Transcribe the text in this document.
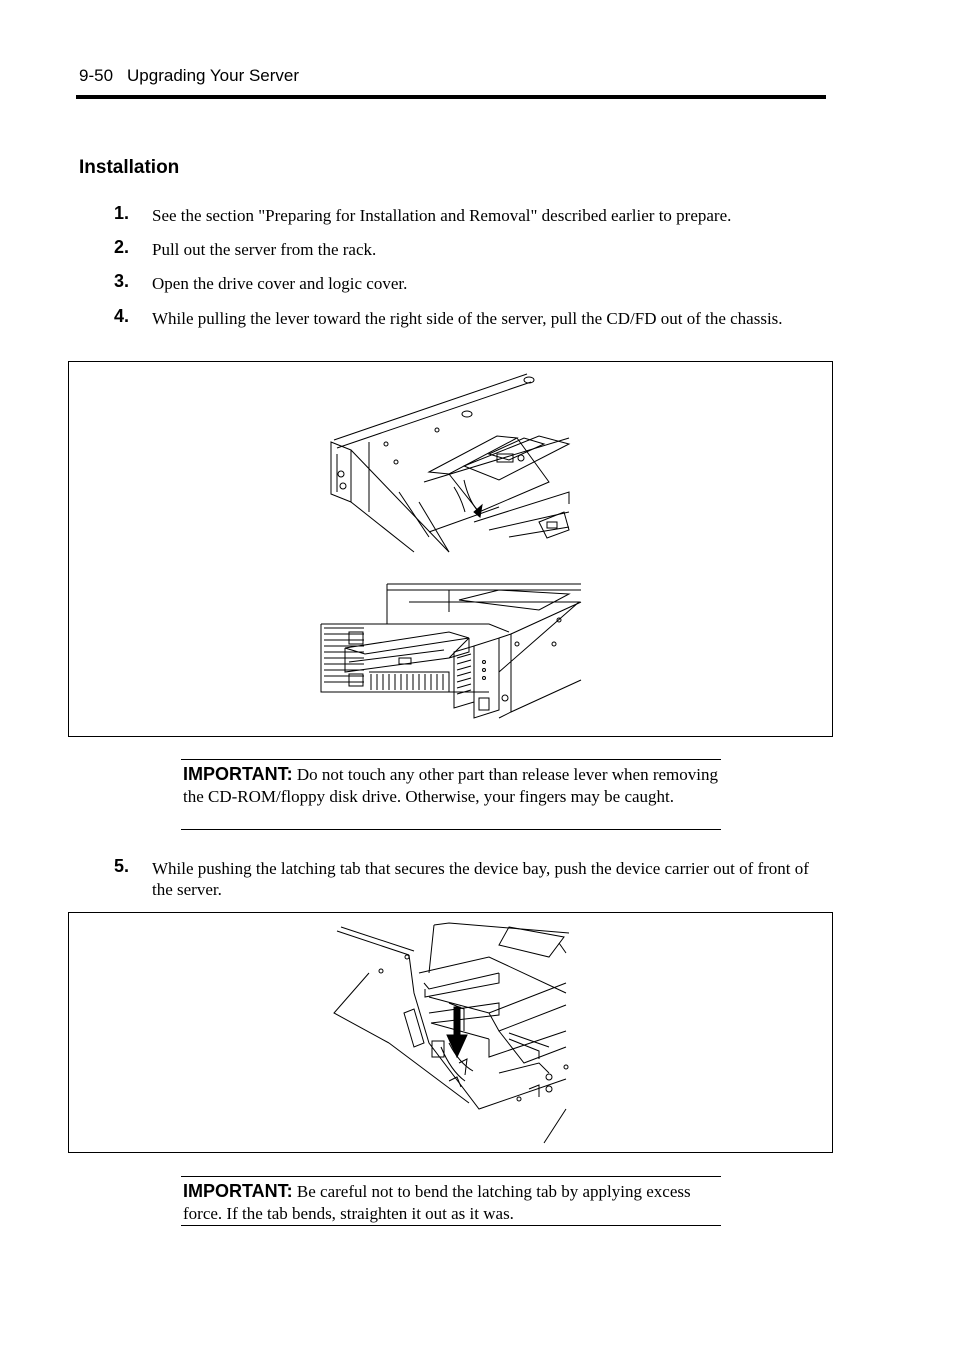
9-50 Upgrading Your Server
Installation
1. See the section "Preparing for Installation and Removal" described earlier to prepare.
2. Pull out the server from the rack.
3. Open the drive cover and logic cover.
4. While pulling the lever toward the right side of the server, pull the CD/FD out of the chassis.
IMPORTANT: Do not touch any other part than release lever when removing the CD-ROM/floppy disk drive. Otherwise, your fingers may be caught.
5. While pushing the latching tab that secures the device bay, push the device carrier out of front of the server.
IMPORTANT: Be careful not to bend the latching tab by applying excess force. If the tab bends, straighten it out as it was.
